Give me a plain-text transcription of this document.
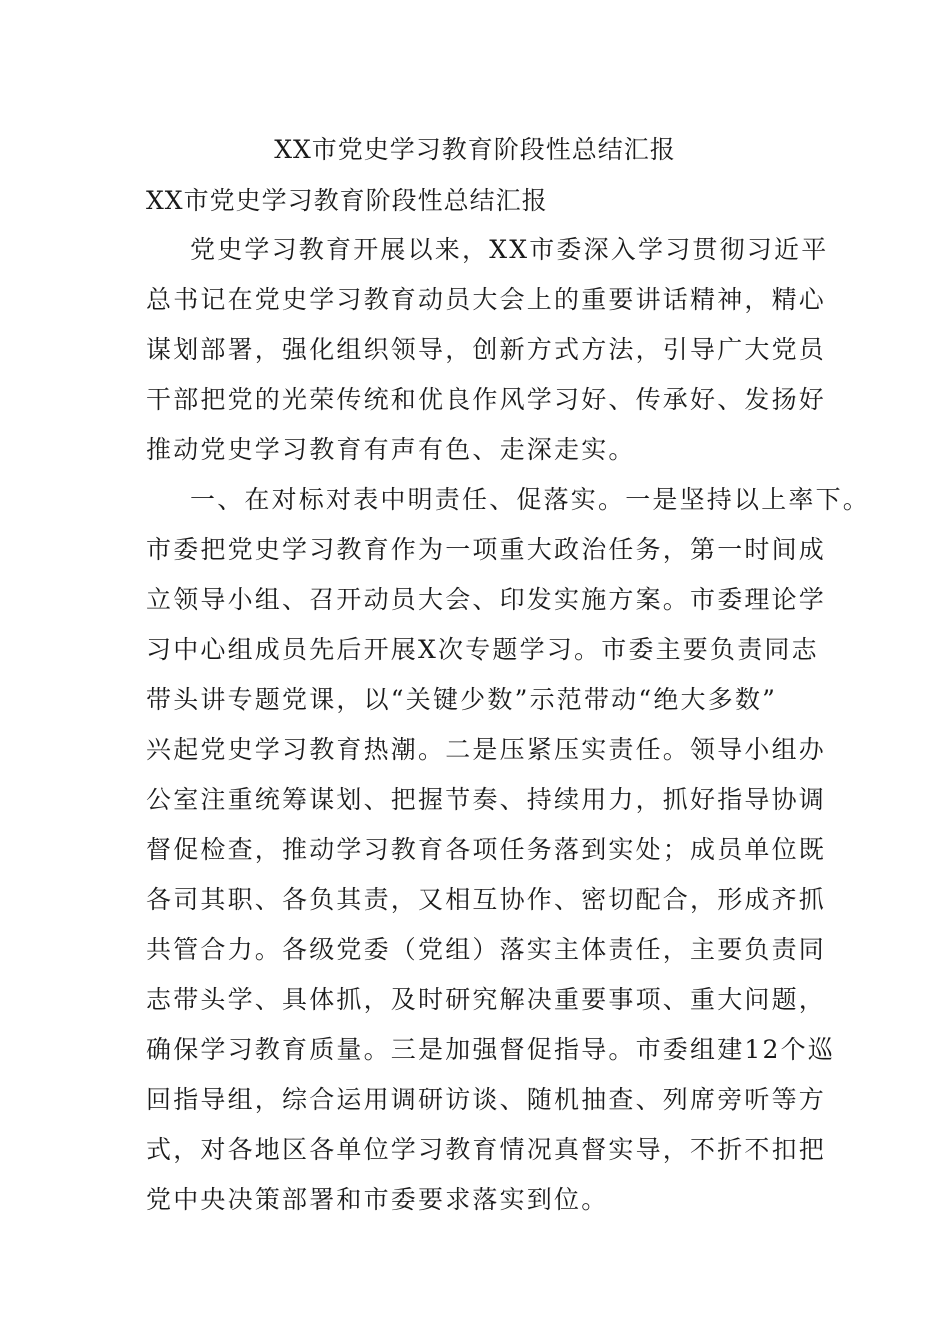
XX市党史学习教育阶段性总结汇报
XX市党史学习教育阶段性总结汇报
党史学习教育开展以来，XX市委深入学习贯彻习近平
总书记在党史学习教育动员大会上的重要讲话精神，精心
谋划部署，强化组织领导，创新方式方法，引导广大党员
干部把党的光荣传统和优良作风学习好、传承好、发扬好
推动党史学习教育有声有色、走深走实。
一、在对标对表中明责任、促落实。一是坚持以上率下。
市委把党史学习教育作为一项重大政治任务，第一时间成
立领导小组、召开动员大会、印发实施方案。市委理论学
习中心组成员先后开展X次专题学习。市委主要负责同志
带头讲专题党课，以“关键少数”示范带动“绝大多数”
兴起党史学习教育热潮。二是压紧压实责任。领导小组办
公室注重统筹谋划、把握节奏、持续用力，抓好指导协调
督促检查，推动学习教育各项任务落到实处；成员单位既
各司其职、各负其责，又相互协作、密切配合，形成齐抓
共管合力。各级党委（党组）落实主体责任，主要负责同
志带头学、具体抓，及时研究解决重要事项、重大问题，
确保学习教育质量。三是加强督促指导。市委组建12个巡
回指导组，综合运用调研访谈、随机抽查、列席旁听等方
式，对各地区各单位学习教育情况真督实导，不折不扣把
党中央决策部署和市委要求落实到位。
